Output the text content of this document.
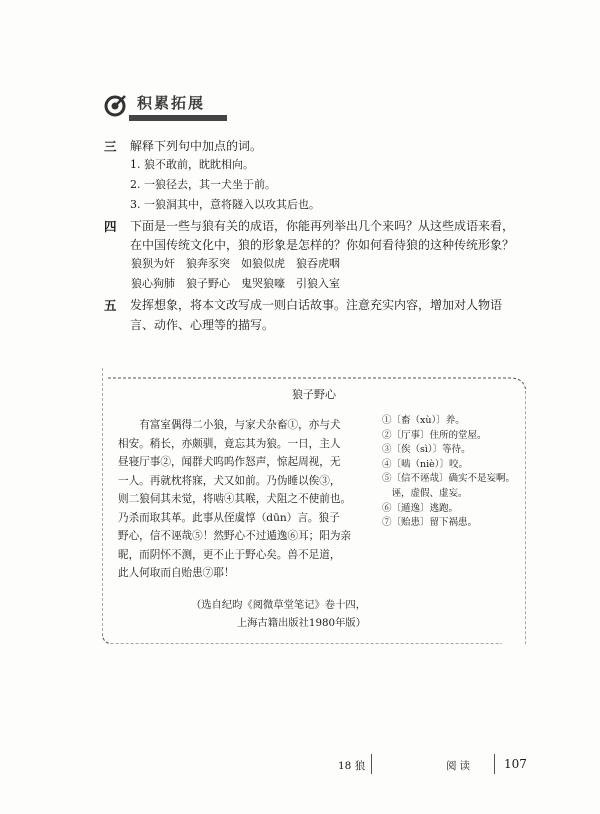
积累拓展
三 解释下列句中加点的词。
1. 狼不敢前，眈眈相向。
2. 一狼径去，其一犬坐于前。
3. 一狼洞其中，意将隧入以攻其后也。
四 下面是一些与狼有关的成语，你能再列举出几个来吗？从这些成语来看，
在中国传统文化中，狼的形象是怎样的？你如何看待狼的这种传统形象？
狼狈为奸 狼奔豕突 如狼似虎 狼吞虎咽
狼心狗肺 狼子野心 鬼哭狼嚎 引狼入室
五 发挥想象，将本文改写成一则白话故事。注意充实内容，增加对人物语
言、动作、心理等的描写。
狼子野心

有富室偶得二小狼，与家犬杂畜①，亦与犬

相安。稍长，亦颇驯，竟忘其为狼。一日，主人

昼寝厅事②，闻群犬呜呜作怒声，惊起周视，无

一人。再就枕将寐，犬又如前。乃伪睡以俟③，

则二狼伺其未觉，将啮④其喉，犬阻之不使前也。

乃杀而取其革。此事从侄虞惇（dūn）言。狼子

野心，信不诬哉⑤！然野心不过遁逸⑥耳；阳为亲

昵，而阴怀不测，更不止于野心矣。兽不足道，

此人何取而自贻患⑦耶！

①〔畜（xù）〕养。
②〔厅事〕住所的堂屋。
③〔俟（sì）〕等待。
④〔啮（niè）〕咬。
⑤〔信不诬哉〕确实不是妄啊。
　诬，虚假、虚妄。
⑥〔遁逸〕逃跑。
⑦〔贻患〕留下祸患。
（选自纪昀《阅微草堂笔记》卷十四，
上海古籍出版社1980年版）
18 狼	阅读	107
